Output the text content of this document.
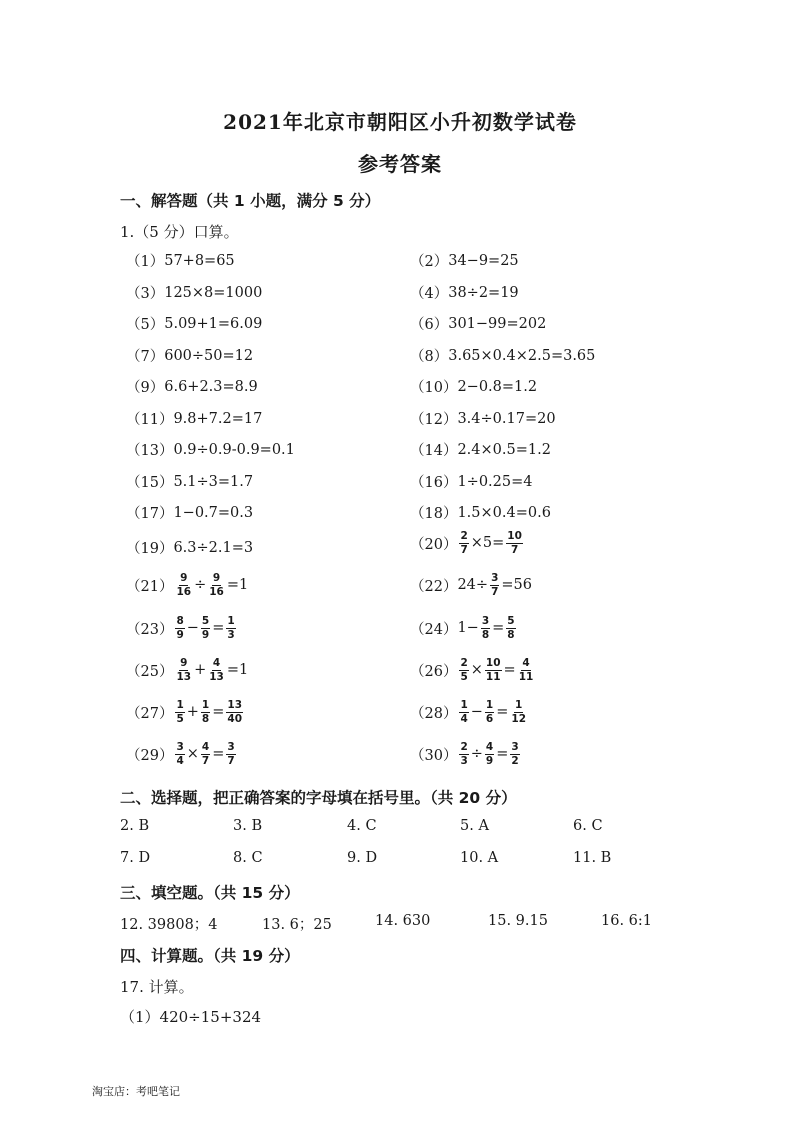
2021年北京市朝阳区小升初数学试卷
参考答案
一、解答题（共 1 小题，满分 5 分）
1.（5 分）口算。
（1） 57+8=65	（2） 34−9=25
（3） 125×8=1000	（4） 38÷2=19
（5） 5.09+1=6.09	（6） 301−99=202
（7） 600÷50=12	（8） 3.65×0.4×2.5=3.65
（9） 6.6+2.3=8.9	（10） 2−0.8=1.2
（11） 9.8+7.2=17	（12） 3.4÷0.17=20
（13） 0.9÷0.9-0.9=0.1	（14） 2.4×0.5=1.2
（15） 5.1÷3=1.7	（16） 1÷0.25=4
（17） 1−0.7=0.3	（18） 1.5×0.4=0.6
（19） 6.3÷2.1=3	$(20) \frac{2}{7} \times 5= \frac{10}{7}$
$(21) \frac{9}{16} \div \frac{9}{16} =1$	（22） $24\div \frac{3}{7} =56$
$(23) \frac{8}{9} - \frac{5}{9} = \frac{1}{3}$	（24） $1- \frac{3}{8} = \frac{5}{8}$
$(25) \frac{9}{13} + \frac{4}{13} =1$	$(26) \frac{2}{5} \times \frac{10}{11} = \frac{4}{11}$
$(27) \frac{1}{5} + \frac{1}{8} = \frac{13}{40}$	$(28) \frac{1}{4} - \frac{1}{6} = \frac{1}{12}$
$(29) \frac{3}{4} \times \frac{4}{7} = \frac{3}{7}$	$(30) \frac{2}{3} \div \frac{4}{9} = \frac{3}{2}$
二、选择题，把正确答案的字母填在括号里。（共 20 分）
2. B	3. B	4. C	5. A	6. C
7. D	8. C	9. D	10. A	11. B
三、填空题。（共 15 分）
12. 39808；4	13. 6；25	14. 630	15. 9.15	16. 6:1
四、计算题。（共 19 分）
17. 计算。
（1）420÷15+324
淘宝店：考吧笔记
